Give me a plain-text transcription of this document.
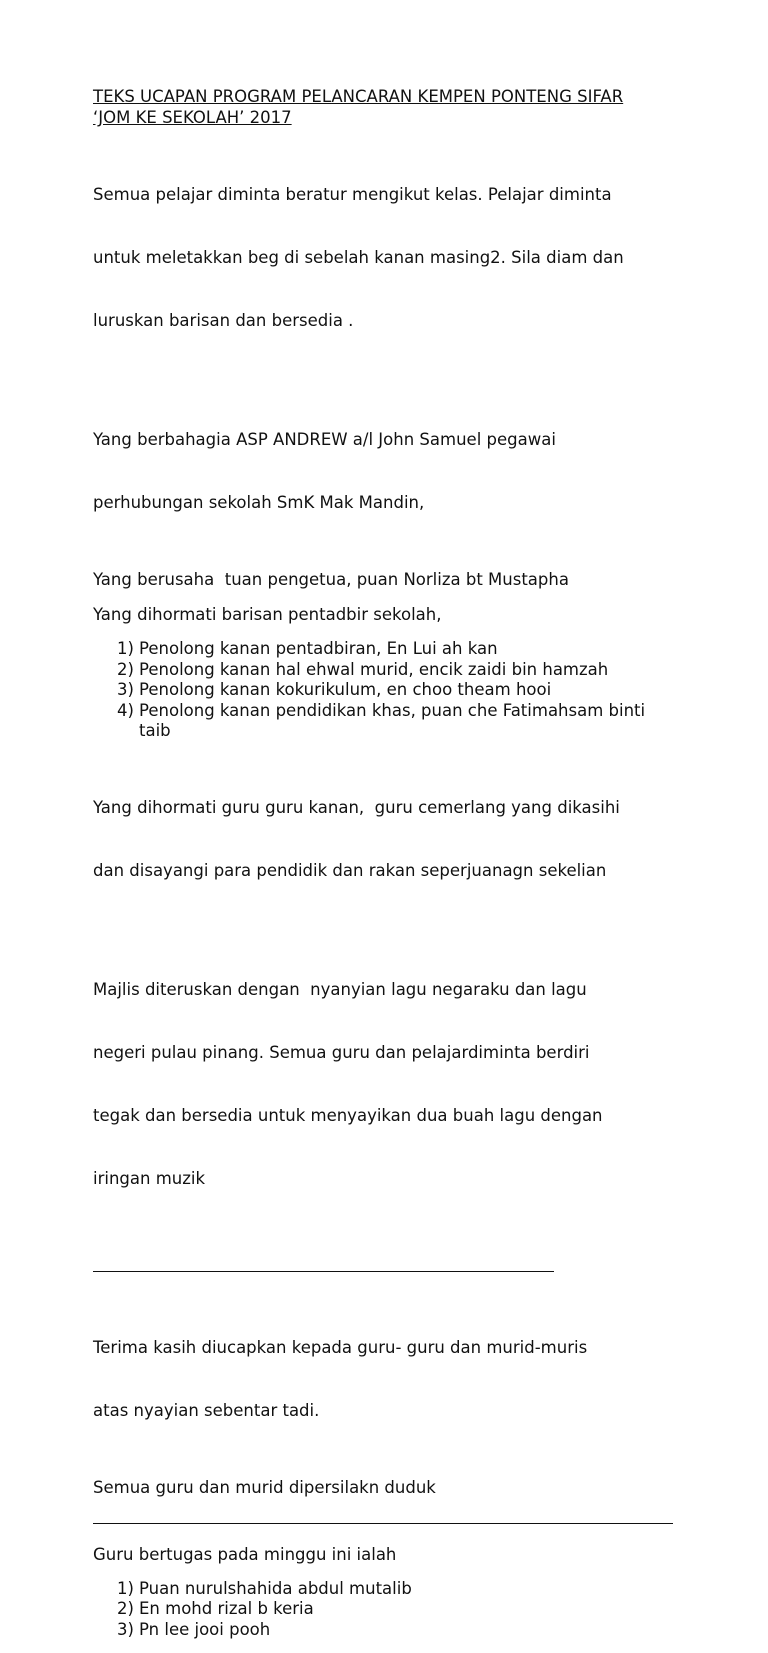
TEKS UCAPAN PROGRAM PELANCARAN KEMPEN PONTENG SIFAR
‘JOM KE SEKOLAH’ 2017

Semua pelajar diminta beratur mengikut kelas. Pelajar diminta

untuk meletakkan beg di sebelah kanan masing2. Sila diam dan

luruskan barisan dan bersedia .

Yang berbahagia ASP ANDREW a/l John Samuel pegawai

perhubungan sekolah SmK Mak Mandin,

Yang berusaha  tuan pengetua, puan Norliza bt Mustapha

Yang dihormati barisan pentadbir sekolah,

1) Penolong kanan pentadbiran, En Lui ah kan
2) Penolong kanan hal ehwal murid, encik zaidi bin hamzah
3) Penolong kanan kokurikulum, en choo theam hooi
4) Penolong kanan pendidikan khas, puan che Fatimahsam binti taib

Yang dihormati guru guru kanan,  guru cemerlang yang dikasihi

dan disayangi para pendidik dan rakan seperjuanagn sekelian

Majlis diteruskan dengan  nyanyian lagu negaraku dan lagu

negeri pulau pinang. Semua guru dan pelajardiminta berdiri

tegak dan bersedia untuk menyayikan dua buah lagu dengan

iringan muzik

Terima kasih diucapkan kepada guru- guru dan murid-muris

atas nyayian sebentar tadi.

Semua guru dan murid dipersilakn duduk

Guru bertugas pada minggu ini ialah

1) Puan nurulshahida abdul mutalib
2) En mohd rizal b keria
3) Pn lee jooi pooh
